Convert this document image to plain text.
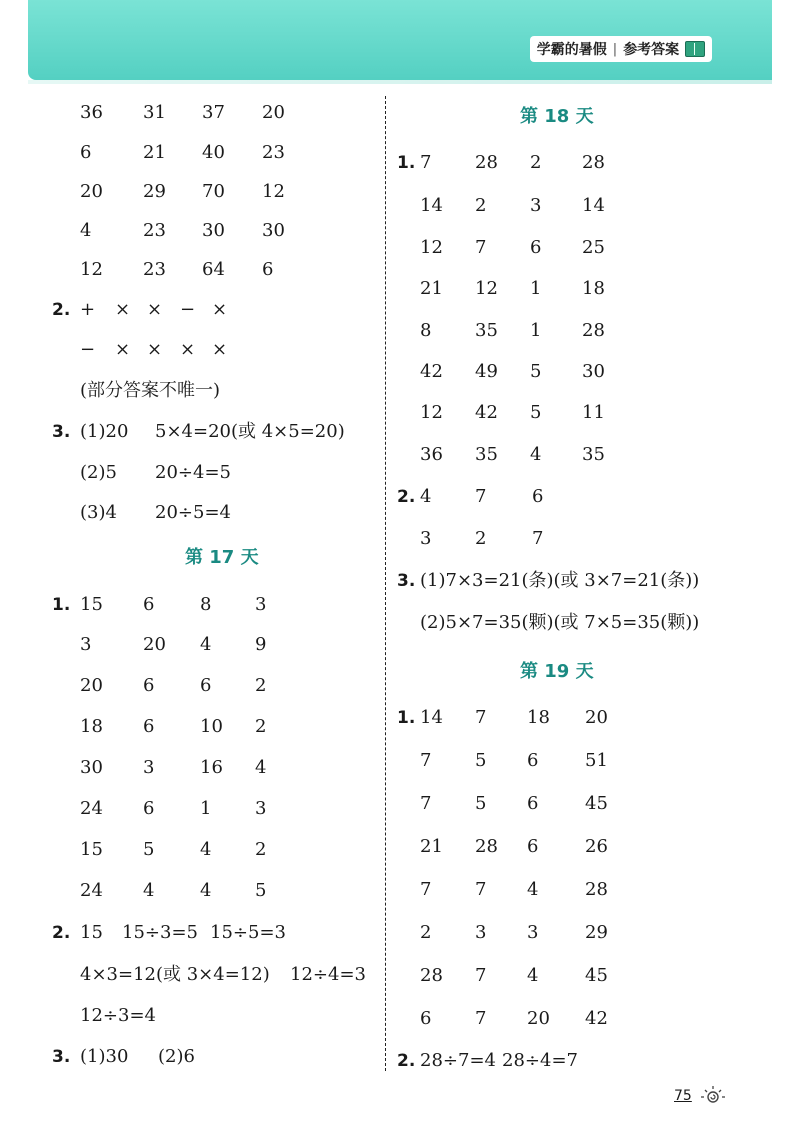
学霸的暑假 | 参考答案
36 31 37 20
6	21 40 23
20 29 70 12
4	23 30 30
12 23 64 6
2. + × × − ×
− × × × ×
(部分答案不唯一)
3. (1)20 5×4=20(或 4×5=20)
(2)5 20÷4=5
(3)4 20÷5=4
第 17 天
1. 15 6	8 3
3	20 4 9
20 6	6 2
18 6	10 2
30 3	16 4
24 6	1 3
15 5	4 2
24 4	4 5
2. 15 15÷3=5 15÷5=3
4×3=12(或 3×4=12) 12÷4=3
12÷3=4
3. (1)30 (2)6
第 18 天
1. 7 28 2 28
14 2 3 14
12 7 6 25
21 12 1 18
8 35 1 28
42 49 5 30
12 42 5 11
36 35 4 35
2. 4 7	6
3 2	7
3. (1)7×3=21(条)(或 3×7=21(条))
(2)5×7=35(颗)(或 7×5=35(颗))
第 19 天
1. 14 7 18 20
7 5 6	51
7 5 6	45
21 28 6	26
7 7 4	28
2 3 3	29
28 7 4	45
6 7 20 42
2. 28÷7=4 28÷4=7
75
